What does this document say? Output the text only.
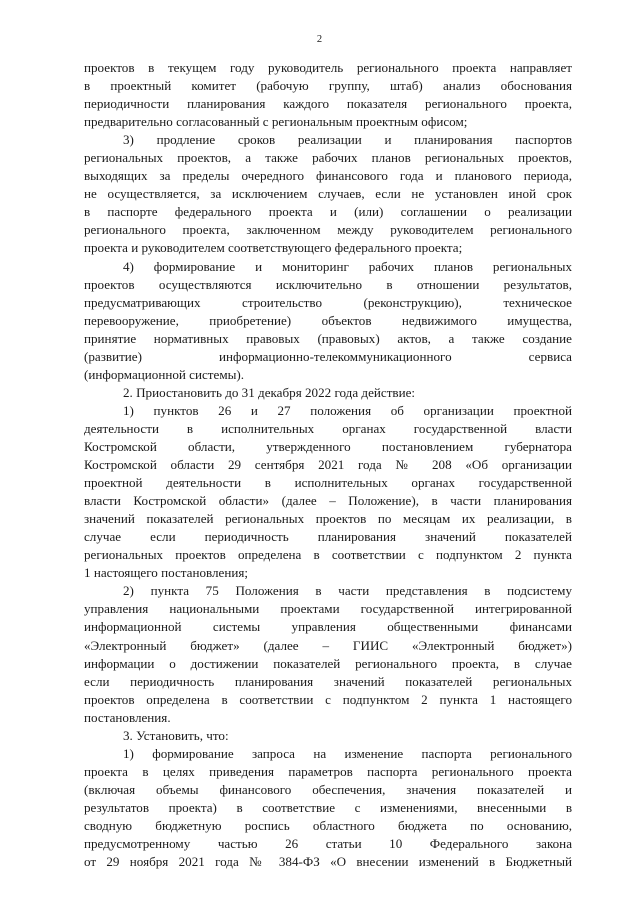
2
проектов в текущем году руководитель регионального проекта направляет
в проектный комитет (рабочую группу, штаб) анализ обоснования
периодичности планирования каждого показателя регионального проекта,
предварительно согласованный с региональным проектным офисом;
3) продление сроков реализации и планирования паспортов
региональных проектов, а также рабочих планов региональных проектов,
выходящих за пределы очередного финансового года и планового периода,
не осуществляется, за исключением случаев, если не установлен иной срок
в паспорте федерального проекта и (или) соглашении о реализации
регионального проекта, заключенном между руководителем регионального
проекта и руководителем соответствующего федерального проекта;
4) формирование и мониторинг рабочих планов региональных
проектов осуществляются исключительно в отношении результатов,
предусматривающих строительство (реконструкцию), техническое
перевооружение, приобретение) объектов недвижимого имущества,
принятие нормативных правовых (правовых) актов, а также создание
(развитие) информационно-телекоммуникационного сервиса
(информационной системы).
2. Приостановить до 31 декабря 2022 года действие:
1) пунктов 26 и 27 положения об организации проектной
деятельности в исполнительных органах государственной власти
Костромской области, утвержденного постановлением губернатора
Костромской области 29 сентября 2021 года № 208 «Об организации
проектной деятельности в исполнительных органах государственной
власти Костромской области» (далее – Положение), в части планирования
значений показателей региональных проектов по месяцам их реализации, в
случае если периодичность планирования значений показателей
региональных проектов определена в соответствии с подпунктом 2 пункта
1 настоящего постановления;
2) пункта 75 Положения в части представления в подсистему
управления национальными проектами государственной интегрированной
информационной системы управления общественными финансами
«Электронный бюджет» (далее – ГИИС «Электронный бюджет»)
информации о достижении показателей регионального проекта, в случае
если периодичность планирования значений показателей региональных
проектов определена в соответствии с подпунктом 2 пункта 1 настоящего
постановления.
3. Установить, что:
1) формирование запроса на изменение паспорта регионального
проекта в целях приведения параметров паспорта регионального проекта
(включая объемы финансового обеспечения, значения показателей и
результатов проекта) в соответствие с изменениями, внесенными в
сводную бюджетную роспись областного бюджета по основанию,
предусмотренному частью 26 статьи 10 Федерального закона
от 29 ноября 2021 года № 384-ФЗ «О внесении изменений в Бюджетный
